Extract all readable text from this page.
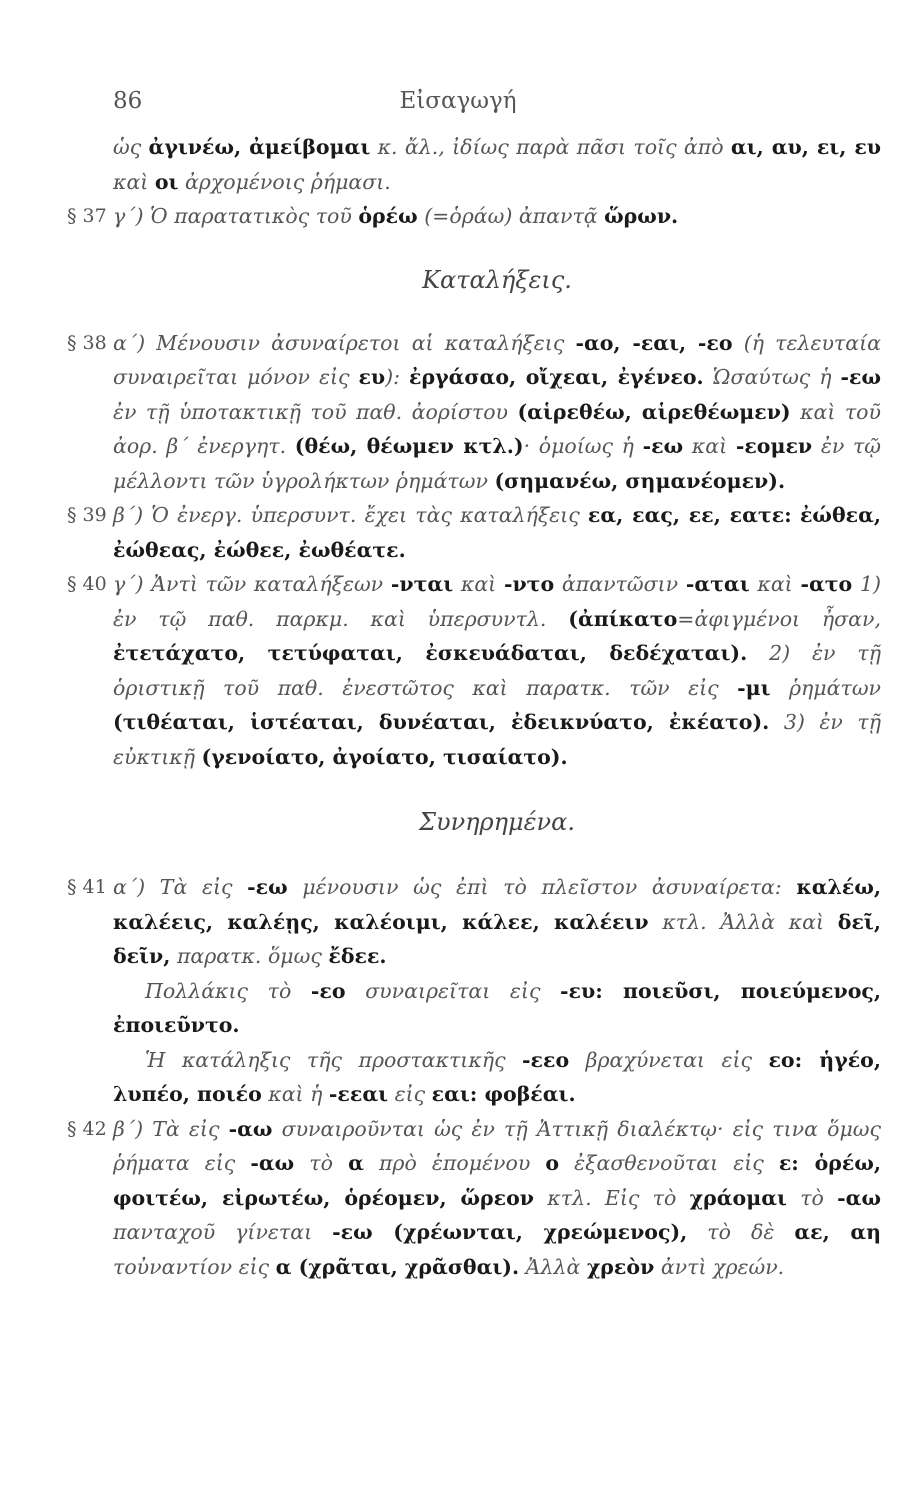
86	Εἰσαγωγή
ὡς ἀγινέω, ἀμείβομαι κ. ἄλ., ἰδίως παρὰ πᾶσι τοῖς ἀπὸ αι, αυ, ει, ευ καὶ οι ἀρχομένοις ῥήμασι.
§ 37 γ΄) Ὁ παρατατικὸς τοῦ ὁρέω (=ὁράω) ἀπαντᾷ ὥρων.
Καταλήξεις.
§ 38 α΄) Μένουσιν ἀσυναίρετοι αἱ καταλήξεις -αο, -εαι, -εο (ἡ τελευταία συναιρεῖται μόνον εἰς ευ): ἐργάσαο, οἴχεαι, ἐγένεο. Ὡσαύτως ἡ -εω ἐν τῇ ὑποτακτικῇ τοῦ παθ. ἀορίστου (αἱρεθέω, αἱρεθέωμεν) καὶ τοῦ ἀορ. β΄ ἐνεργητ. (θέω, θέωμεν κτλ.)· ὁμοίως ἡ -εω καὶ -εομεν ἐν τῷ μέλλοντι τῶν ὑγρολήκτων ῥημάτων (σημανέω, σημανέομεν).
§ 39 β΄) Ὁ ἐνεργ. ὑπερσυντ. ἔχει τὰς καταλήξεις εα, εας, εε, εατε: ἐώθεα, ἐώθεας, ἐώθεε, ἐωθέατε.
§ 40 γ΄) Ἀντὶ τῶν καταλήξεων -νται καὶ -ντο ἀπαντῶσιν -αται καὶ -ατο 1) ἐν τῷ παθ. παρκμ. καὶ ὑπερσυντλ. (ἀπίκατο=ἀφιγμένοι ἦσαν, ἐτετάχατο, τετύφαται, ἐσκευάδαται, δεδέχαται). 2) ἐν τῇ ὁριστικῇ τοῦ παθ. ἐνεστῶτος καὶ παρατκ. τῶν εἰς -μι ῥημάτων (τιθέαται, ἱστέαται, δυνέαται, ἐδεικνύατο, ἐκέατο). 3) ἐν τῇ εὐκτικῇ (γενοίατο, ἀγοίατο, τισαίατο).
Συνηρημένα.
§ 41 α΄) Τὰ εἰς -εω μένουσιν ὡς ἐπὶ τὸ πλεῖστον ἀσυναίρετα: καλέω, καλέεις, καλέῃς, καλέοιμι, κάλεε, καλέειν κτλ. Ἀλλὰ καὶ δεῖ, δεῖν, παρατκ. ὅμως ἔδεε.
Πολλάκις τὸ -εο συναιρεῖται εἰς -ευ: ποιεῦσι, ποιεύμενος, ἐποιεῦντο.
Ἡ κατάληξις τῆς προστακτικῆς -εεο βραχύνεται εἰς εο: ἡγέο, λυπέο, ποιέο καὶ ἡ -εεαι εἰς εαι: φοβέαι.
§ 42 β΄) Τὰ εἰς -αω συναιροῦνται ὡς ἐν τῇ Ἀττικῇ διαλέκτῳ· εἰς τινα ὅμως ῥήματα εἰς -αω τὸ α πρὸ ἑπομένου ο ἐξασθενοῦται εἰς ε: ὁρέω, φοιτέω, εἰρωτέω, ὁρέομεν, ὥρεον κτλ. Εἰς τὸ χράομαι τὸ -αω πανταχοῦ γίνεται -εω (χρέωνται, χρεώμενος), τὸ δὲ αε, αη τοὐναντίον εἰς α (χρᾶται, χρᾶσθαι). Ἀλλὰ χρεὸν ἀντὶ χρεών.
